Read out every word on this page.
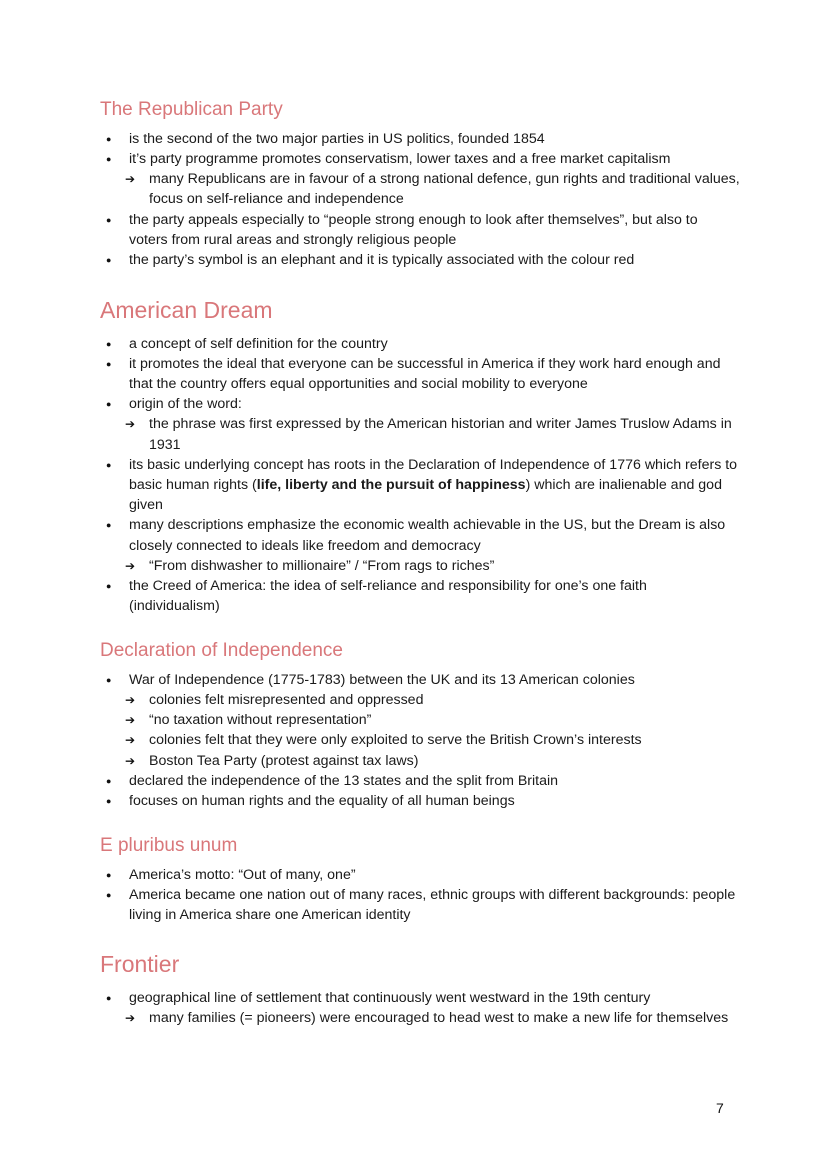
The Republican Party
● is the second of the two major parties in US politics, founded 1854
● it’s party programme promotes conservatism, lower taxes and a free market capitalism
➔ many Republicans are in favour of a strong national defence, gun rights and traditional values, focus on self-reliance and independence
● the party appeals especially to “people strong enough to look after themselves”, but also to voters from rural areas and strongly religious people
● the party’s symbol is an elephant and it is typically associated with the colour red
American Dream
● a concept of self definition for the country
● it promotes the ideal that everyone can be successful in America if they work hard enough and that the country offers equal opportunities and social mobility to everyone
● origin of the word:
➔ the phrase was first expressed by the American historian and writer James Truslow Adams in 1931
● its basic underlying concept has roots in the Declaration of Independence of 1776 which refers to basic human rights (life, liberty and the pursuit of happiness) which are inalienable and god given
● many descriptions emphasize the economic wealth achievable in the US, but the Dream is also closely connected to ideals like freedom and democracy
➔ “From dishwasher to millionaire” / “From rags to riches”
● the Creed of America: the idea of self-reliance and responsibility for one’s one faith (individualism)
Declaration of Independence
● War of Independence (1775-1783) between the UK and its 13 American colonies
➔ colonies felt misrepresented and oppressed
➔ “no taxation without representation”
➔ colonies felt that they were only exploited to serve the British Crown’s interests
➔ Boston Tea Party (protest against tax laws)
● declared the independence of the 13 states and the split from Britain
● focuses on human rights and the equality of all human beings
E pluribus unum
● America’s motto: “Out of many, one”
● America became one nation out of many races, ethnic groups with different backgrounds: people living in America share one American identity
Frontier
● geographical line of settlement that continuously went westward in the 19th century
➔ many families (= pioneers) were encouraged to head west to make a new life for themselves
7
